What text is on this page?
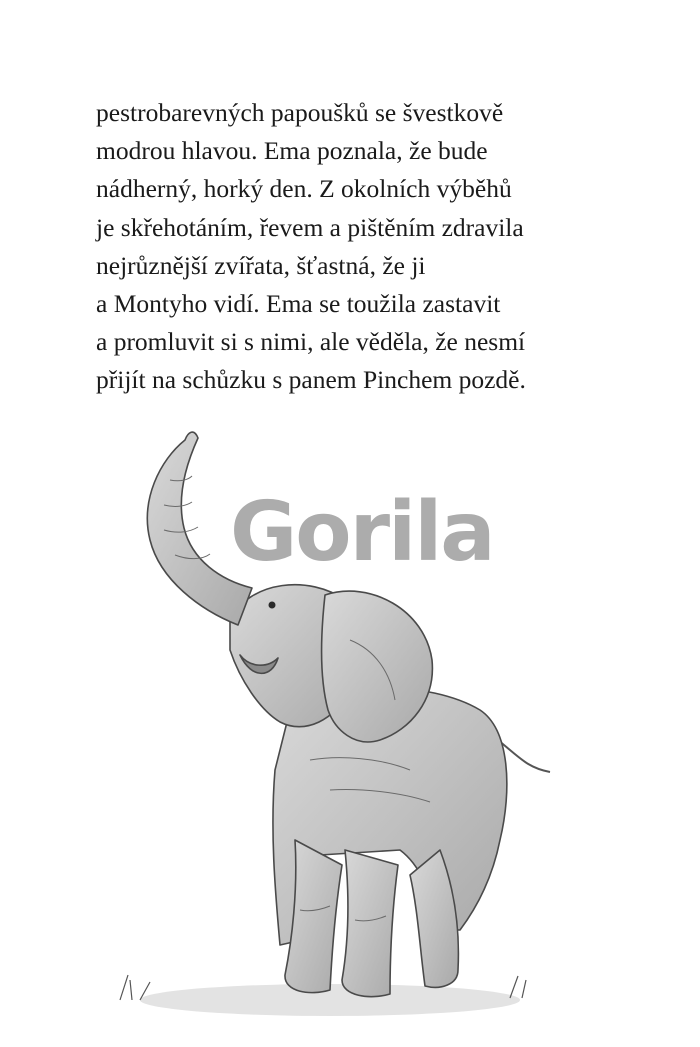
pestrobarevných papoušků se švestkově
modrou hlavou. Ema poznala, že bude
nádherný, horký den. Z okolních výběhů
je skřehotáním, řevem a pištěním zdravila
nejrůznější zvířata, šťastná, že ji
a Montyho vidí. Ema se toužila zastavit
a promluvit si s nimi, ale věděla, že nesmí
přijít na schůzku s panem Pinchem pozdě.
Gorila
